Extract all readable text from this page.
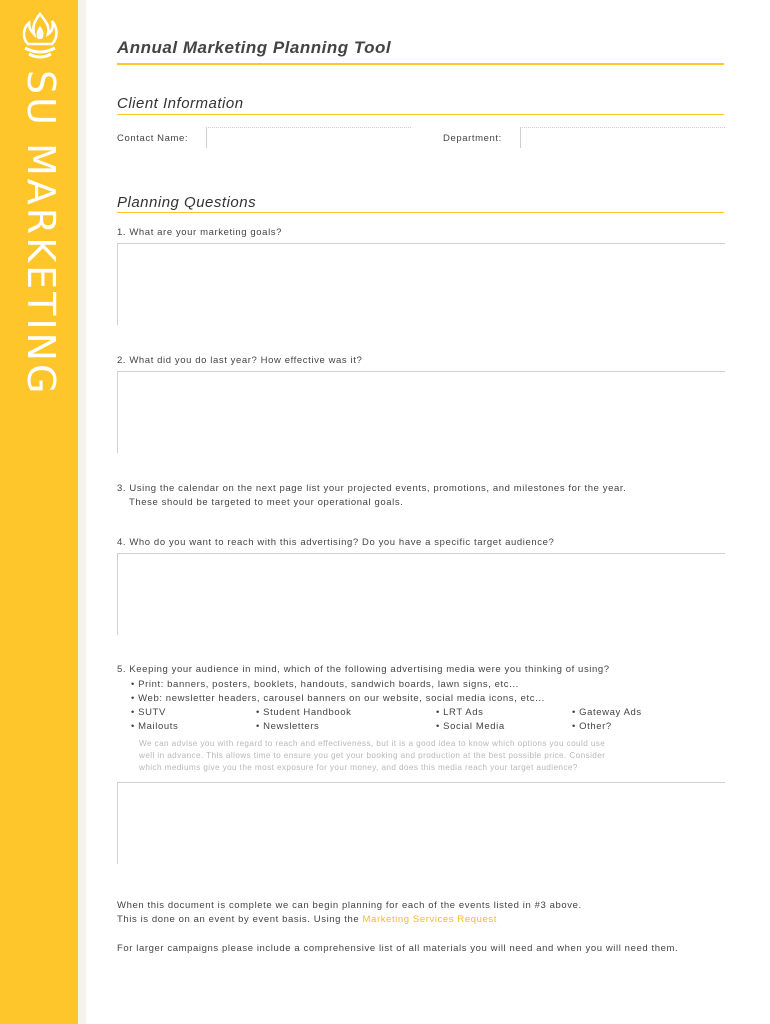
SU MARKETING
Annual Marketing Planning Tool
Client Information
Contact Name:	Department:
Planning Questions
1. What are your marketing goals?
2. What did you do last year? How effective was it?
3. Using the calendar on the next page list your projected events, promotions, and milestones for the year.
These should be targeted to meet your operational goals.
4. Who do you want to reach with this advertising? Do you have a specific target audience?
5. Keeping your audience in mind, which of the following advertising media were you thinking of using?
• Print: banners, posters, booklets, handouts, sandwich boards, lawn signs, etc...
• Web: newsletter headers, carousel banners on our website, social media icons, etc...
• SUTV	• Student Handbook	• LRT Ads	• Gateway Ads
• Mailouts	• Newsletters	• Social Media	• Other?
We can advise you with regard to reach and effectiveness, but it is a good idea to know which options you could use
well in advance. This allows time to ensure you get your booking and production at the best possible price. Consider
which mediums give you the most exposure for your money, and does this media reach your target audience?
When this document is complete we can begin planning for each of the events listed in #3 above.
This is done on an event by event basis. Using the Marketing Services Request
For larger campaigns please include a comprehensive list of all materials you will need and when you will need them.
